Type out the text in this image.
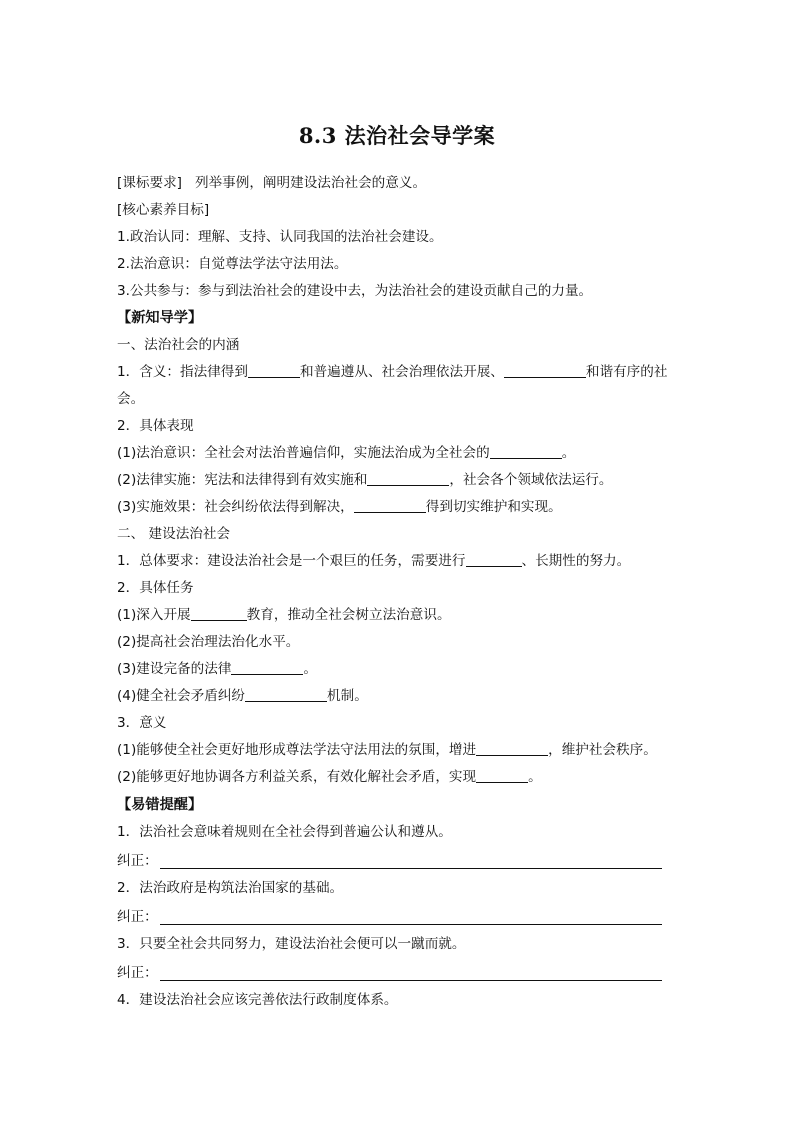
8.3 法治社会导学案
[课标要求] 列举事例，阐明建设法治社会的意义。
[核心素养目标]
1.政治认同：理解、支持、认同我国的法治社会建设。
2.法治意识：自觉尊法学法守法用法。
3.公共参与：参与到法治社会的建设中去，为法治社会的建设贡献自己的力量。
【新知导学】
一、法治社会的内涵
1．含义：指法律得到	和普遍遵从、社会治理依法开展、	和谐有序的社
会。
2．具体表现
(1)法治意识：全社会对法治普遍信仰，实施法治成为全社会的	。
(2)法律实施：宪法和法律得到有效实施和	，社会各个领域依法运行。
(3)实施效果：社会纠纷依法得到解决，	得到切实维护和实现。
二、 建设法治社会
1．总体要求：建设法治社会是一个艰巨的任务，需要进行	、长期性的努力。
2．具体任务
(1)深入开展	教育，推动全社会树立法治意识。
(2)提高社会治理法治化水平。
(3)建设完备的法律	。
(4)健全社会矛盾纠纷	机制。
3．意义
(1)能够使全社会更好地形成尊法学法守法用法的氛围，增进	，维护社会秩序。
(2)能够更好地协调各方利益关系，有效化解社会矛盾，实现	。
【易错提醒】
1．法治社会意味着规则在全社会得到普遍公认和遵从。
纠正：
2．法治政府是构筑法治国家的基础。
纠正：
3．只要全社会共同努力，建设法治社会便可以一蹴而就。
纠正：
4．建设法治社会应该完善依法行政制度体系。
